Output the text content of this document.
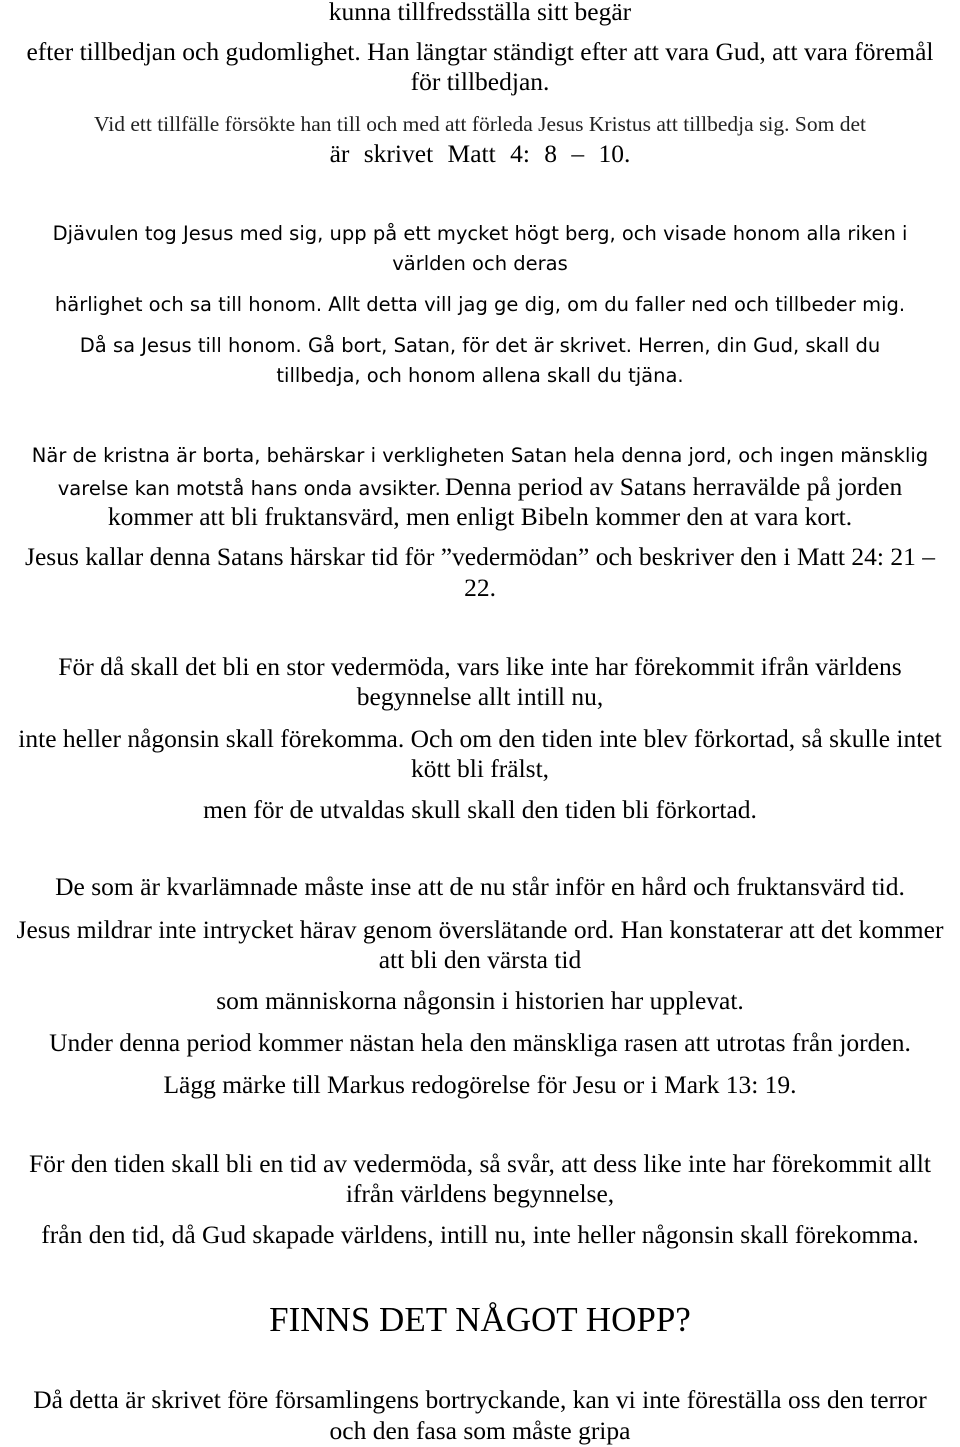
kunna tillfredsställa sitt begär
efter tillbedjan och gudomlighet. Han längtar ständigt efter att vara Gud, att vara föremål
för tillbedjan.
Vid ett tillfälle försökte han till och med att förleda Jesus Kristus att tillbedja sig. Som det
är skrivet Matt 4: 8 – 10.
Djävulen tog Jesus med sig, upp på ett mycket högt berg, och visade honom alla riken i
världen och deras
härlighet och sa till honom. Allt detta vill jag ge dig, om du faller ned och tillbeder mig.
Då sa Jesus till honom. Gå bort, Satan, för det är skrivet. Herren, din Gud, skall du
tillbedja, och honom allena skall du tjäna.
När de kristna är borta, behärskar i verkligheten Satan hela denna jord, och ingen mänsklig
varelse kan motstå hans onda avsikter. Denna period av Satans herravälde på jorden
kommer att bli fruktansvärd, men enligt Bibeln kommer den at vara kort.
Jesus kallar denna Satans härskar tid för ”vedermödan” och beskriver den i Matt 24: 21 –
22.
För då skall det bli en stor vedermöda, vars like inte har förekommit ifrån världens
begynnelse allt intill nu,
inte heller någonsin skall förekomma. Och om den tiden inte blev förkortad, så skulle intet
kött bli frälst,
men för de utvaldas skull skall den tiden bli förkortad.
De som är kvarlämnade måste inse att de nu står inför en hård och fruktansvärd tid.
Jesus mildrar inte intrycket härav genom överslätande ord. Han konstaterar att det kommer
att bli den värsta tid
som människorna någonsin i historien har upplevat.
Under denna period kommer nästan hela den mänskliga rasen att utrotas från jorden.
Lägg märke till Markus redogörelse för Jesu or i Mark 13: 19.
För den tiden skall bli en tid av vedermöda, så svår, att dess like inte har förekommit allt
ifrån världens begynnelse,
från den tid, då Gud skapade världens, intill nu, inte heller någonsin skall förekomma.
FINNS DET NÅGOT HOPP?
Då detta är skrivet före församlingens bortryckande, kan vi inte föreställa oss den terror
och den fasa som måste gripa
